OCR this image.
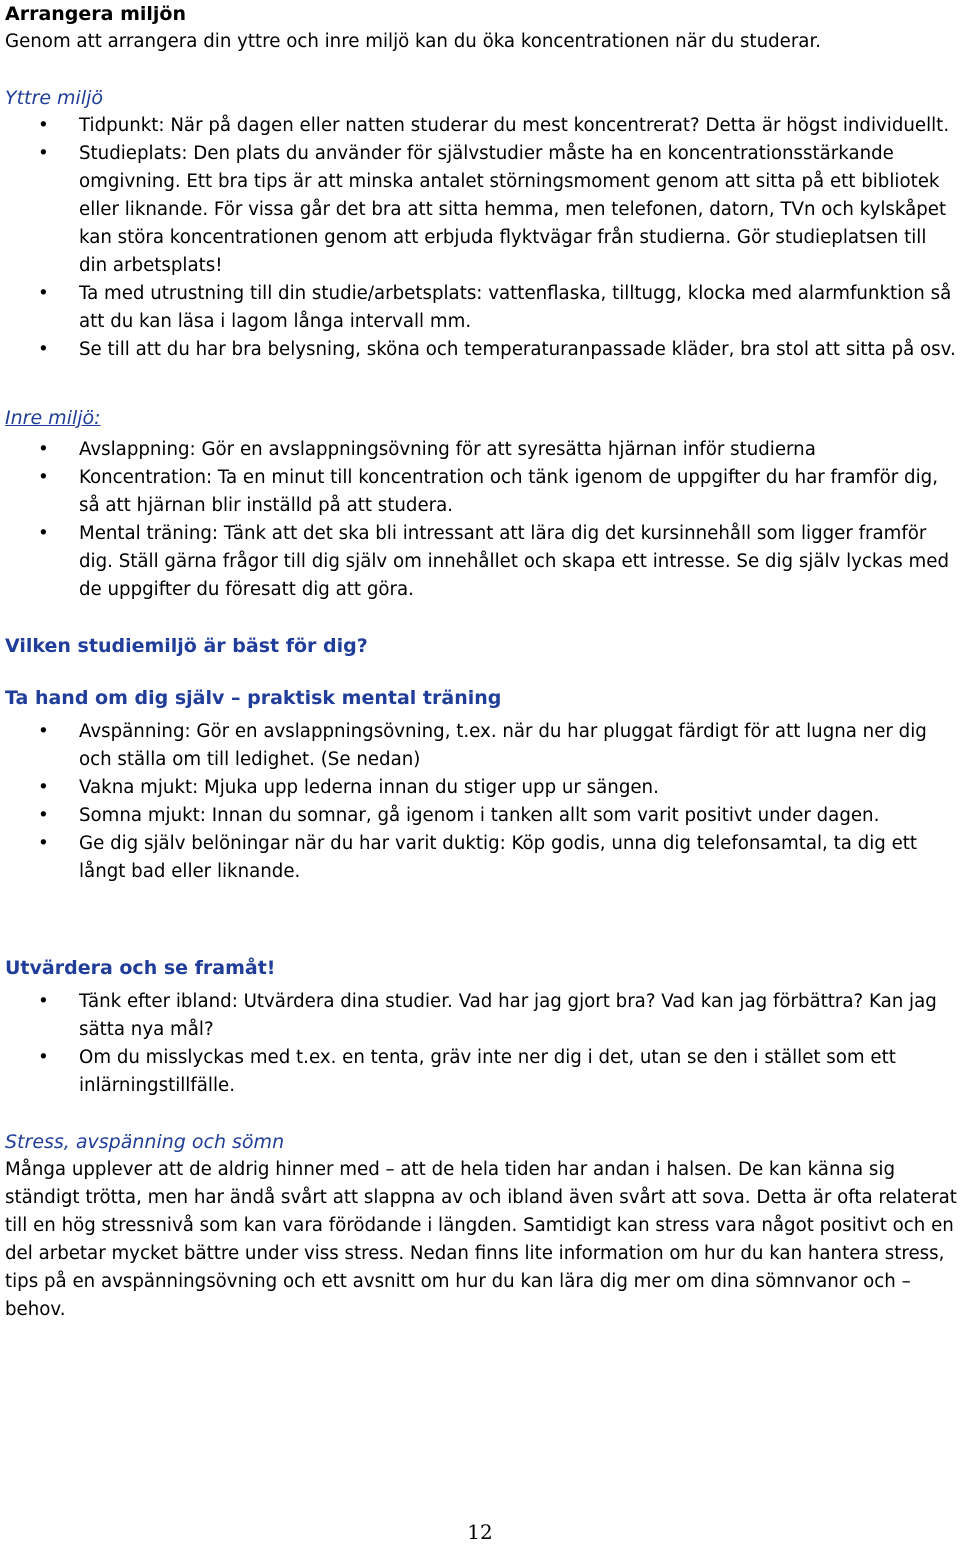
Arrangera miljön

Genom att arrangera din yttre och inre miljö kan du öka koncentrationen när du studerar.

Yttre miljö
• Tidpunkt: När på dagen eller natten studerar du mest koncentrerat? Detta är högst individuellt.
• Studieplats: Den plats du använder för självstudier måste ha en koncentrationsstärkande omgivning. Ett bra tips är att minska antalet störningsmoment genom att sitta på ett bibliotek eller liknande. För vissa går det bra att sitta hemma, men telefonen, datorn, TVn och kylskåpet kan störa koncentrationen genom att erbjuda flyktvägar från studierna. Gör studieplatsen till din arbetsplats!
• Ta med utrustning till din studie/arbetsplats: vattenflaska, tilltugg, klocka med alarmfunktion så att du kan läsa i lagom långa intervall mm.
• Se till att du har bra belysning, sköna och temperaturanpassade kläder, bra stol att sitta på osv.
Inre miljö:
• Avslappning: Gör en avslappningsövning för att syresätta hjärnan inför studierna
• Koncentration: Ta en minut till koncentration och tänk igenom de uppgifter du har framför dig, så att hjärnan blir inställd på att studera.
• Mental träning: Tänk att det ska bli intressant att lära dig det kursinnehåll som ligger framför dig. Ställ gärna frågor till dig själv om innehållet och skapa ett intresse. Se dig själv lyckas med de uppgifter du föresatt dig att göra.
Vilken studiemiljö är bäst för dig?
Ta hand om dig själv – praktisk mental träning
• Avspänning: Gör en avslappningsövning, t.ex. när du har pluggat färdigt för att lugna ner dig och ställa om till ledighet. (Se nedan)
• Vakna mjukt: Mjuka upp lederna innan du stiger upp ur sängen.
• Somna mjukt: Innan du somnar, gå igenom i tanken allt som varit positivt under dagen.
• Ge dig själv belöningar när du har varit duktig: Köp godis, unna dig telefonsamtal, ta dig ett långt bad eller liknande.
Utvärdera och se framåt!
• Tänk efter ibland: Utvärdera dina studier. Vad har jag gjort bra? Vad kan jag förbättra? Kan jag sätta nya mål?
• Om du misslyckas med t.ex. en tenta, gräv inte ner dig i det, utan se den i stället som ett inlärningstillfälle.
Stress, avspänning och sömn

Många upplever att de aldrig hinner med – att de hela tiden har andan i halsen. De kan känna sig ständigt trötta, men har ändå svårt att slappna av och ibland även svårt att sova. Detta är ofta relaterat till en hög stressnivå som kan vara förödande i längden. Samtidigt kan stress vara något positivt och en del arbetar mycket bättre under viss stress. Nedan finns lite information om hur du kan hantera stress, tips på en avspänningsövning och ett avsnitt om hur du kan lära dig mer om dina sömnvanor och –behov.

12
